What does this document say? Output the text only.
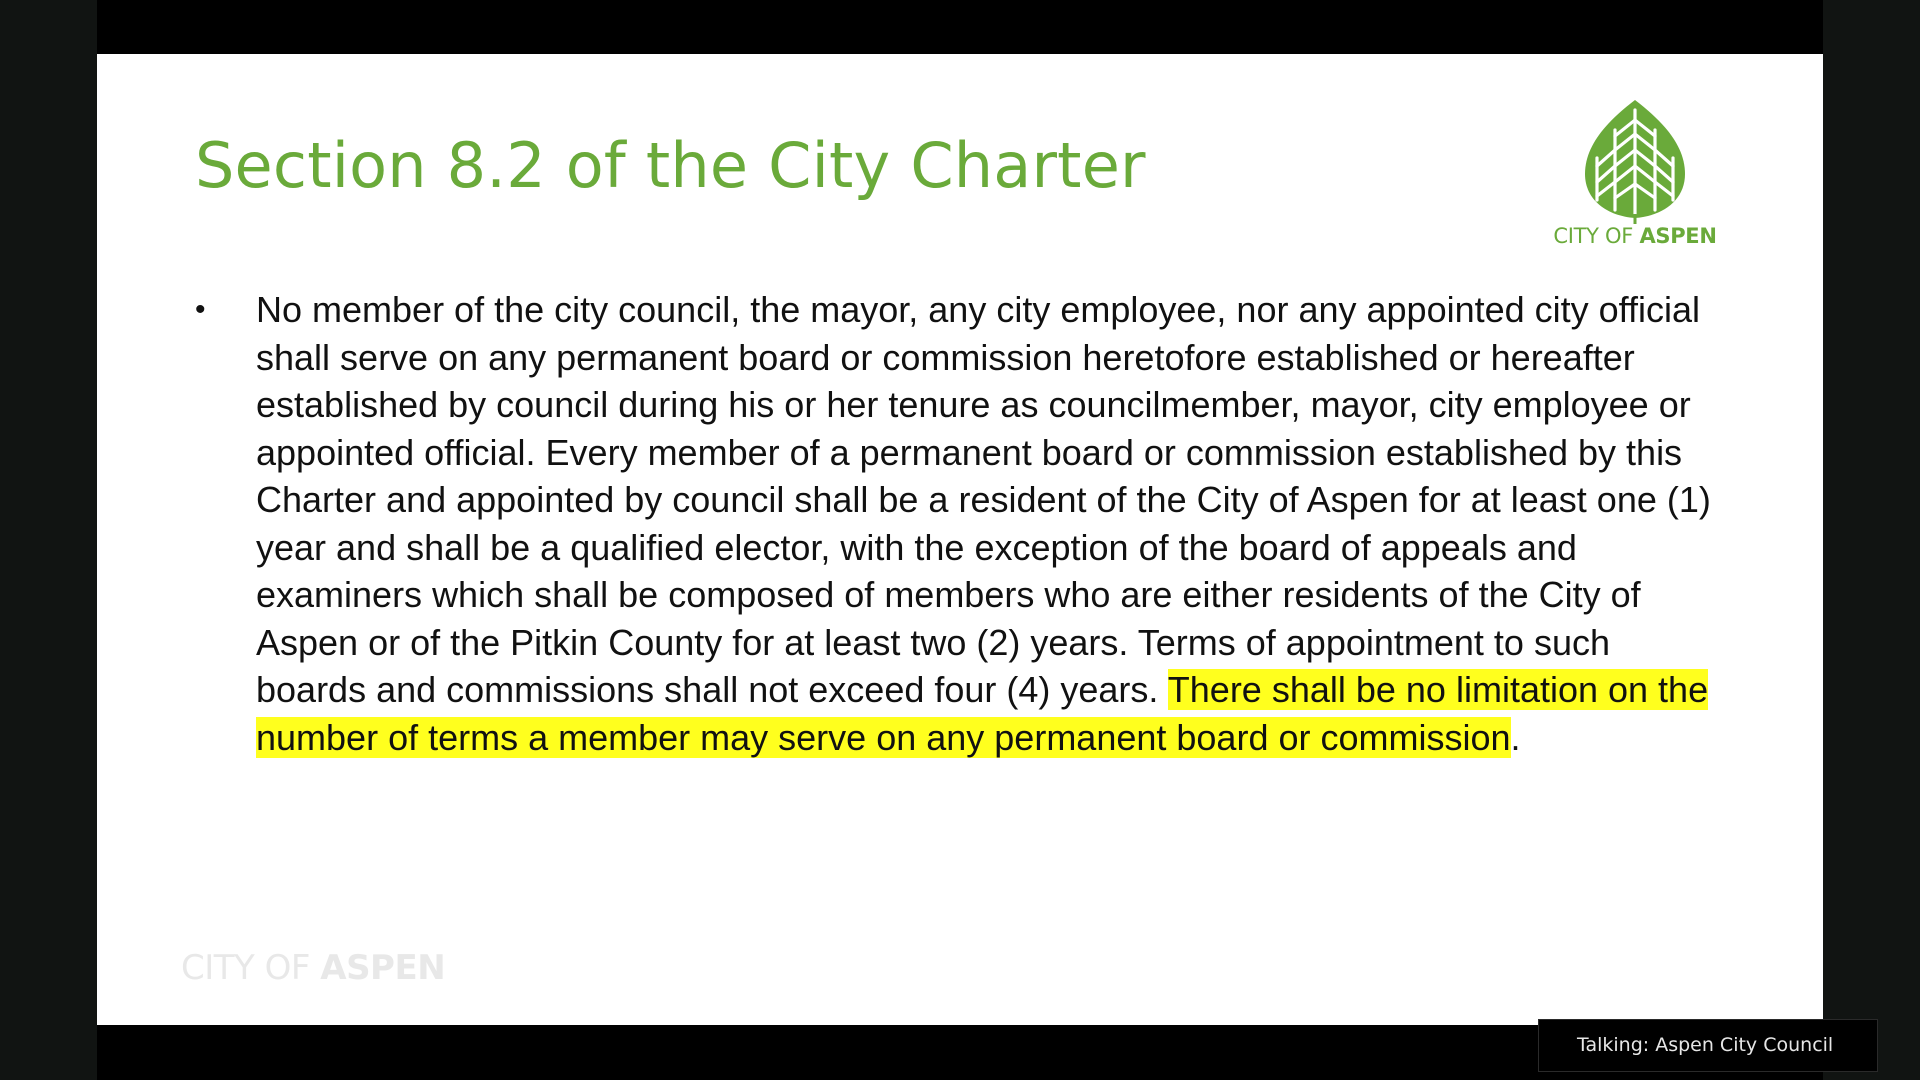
Section 8.2 of the City Charter
CITY OF ASPEN
• No member of the city council, the mayor, any city employee, nor any appointed city official shall serve on any permanent board or commission heretofore established or hereafter established by council during his or her tenure as councilmember, mayor, city employee or appointed official. Every member of a permanent board or commission established by this Charter and appointed by council shall be a resident of the City of Aspen for at least one (1) year and shall be a qualified elector, with the exception of the board of appeals and examiners which shall be composed of members who are either residents of the City of Aspen or of the Pitkin County for at least two (2) years. Terms of appointment to such boards and commissions shall not exceed four (4) years. There shall be no limitation on the number of terms a member may serve on any permanent board or commission.
CITY OF ASPEN
Talking: Aspen City Council
